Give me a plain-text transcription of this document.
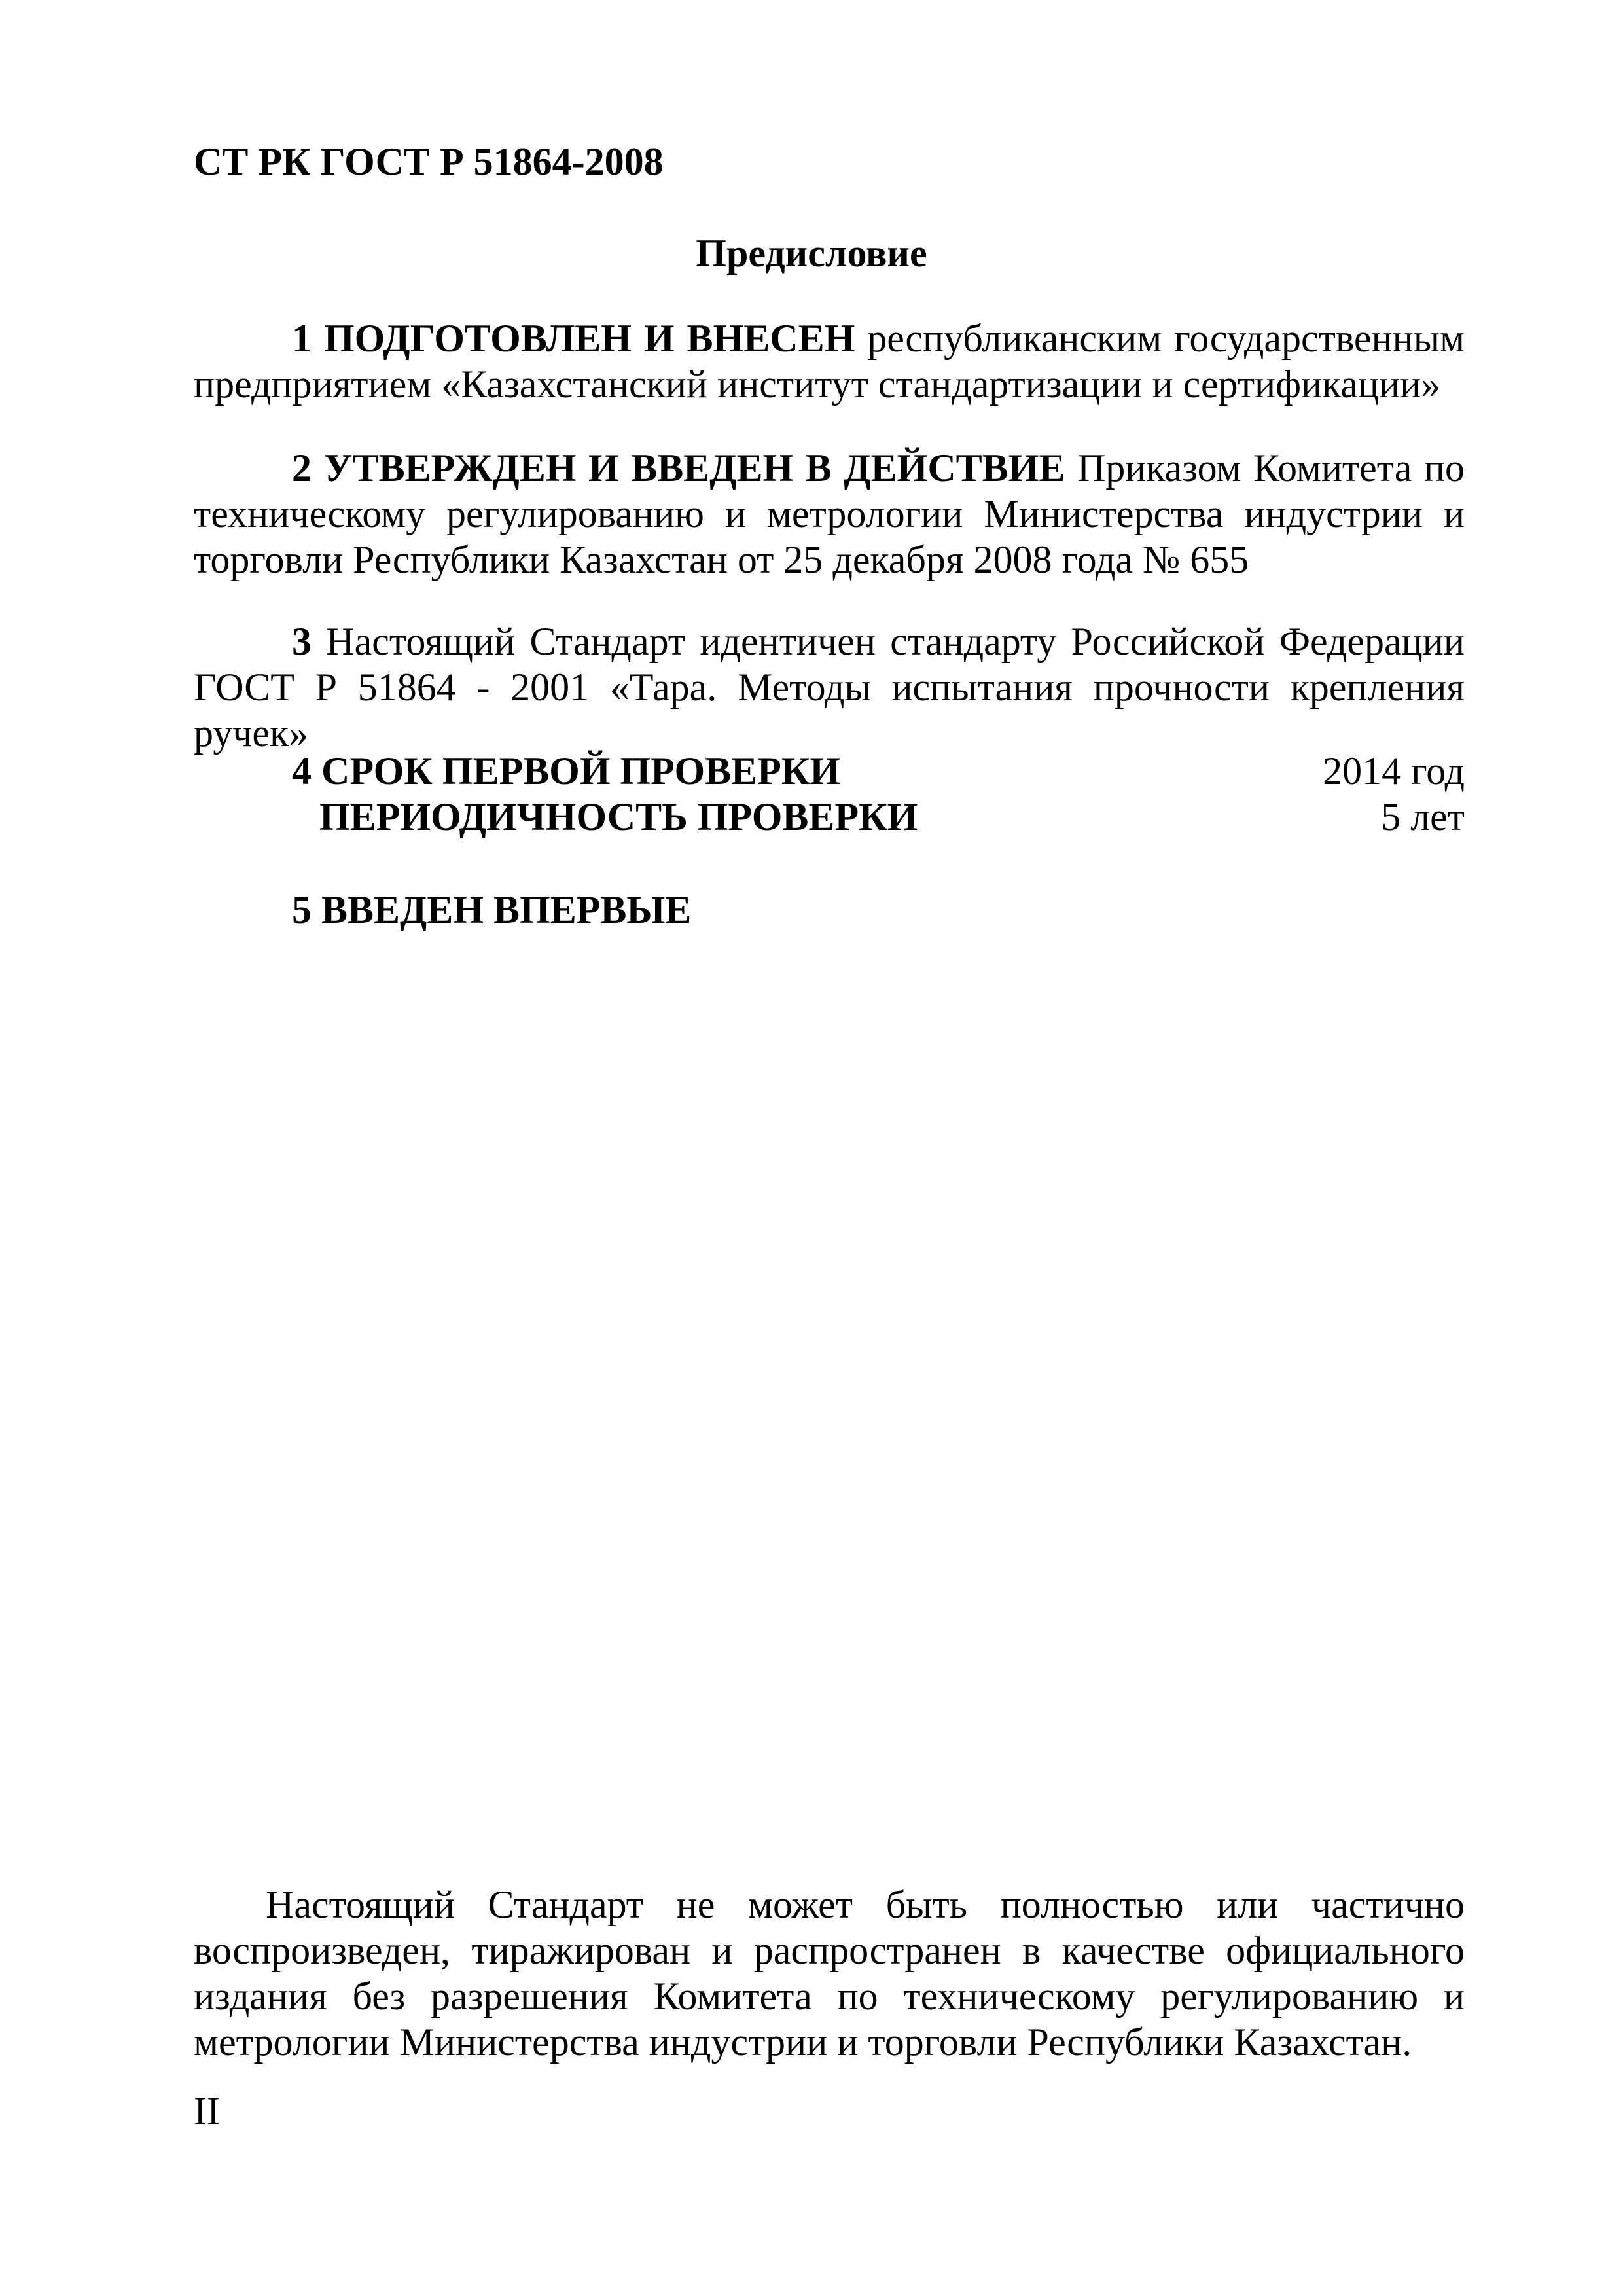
СТ РК ГОСТ Р 51864-2008
Предисловие
1 ПОДГОТОВЛЕН И ВНЕСЕН республиканским государственным предприятием «Казахстанский институт стандартизации и сертификации»
2 УТВЕРЖДЕН И ВВЕДЕН В ДЕЙСТВИЕ Приказом Комитета по техническому регулированию и метрологии Министерства индустрии и торговли Республики Казахстан от 25 декабря 2008 года № 655
3 Настоящий Стандарт идентичен стандарту Российской Федерации ГОСТ Р 51864 - 2001 «Тара. Методы испытания прочности крепления ручек»
4 СРОК ПЕРВОЙ ПРОВЕРКИ	2014 год
ПЕРИОДИЧНОСТЬ ПРОВЕРКИ	5 лет
5 ВВЕДЕН ВПЕРВЫЕ
Настоящий Стандарт не может быть полностью или частично воспроизведен, тиражирован и распространен в качестве официального издания без разрешения Комитета по техническому регулированию и метрологии Министерства индустрии и торговли Республики Казахстан.
II
